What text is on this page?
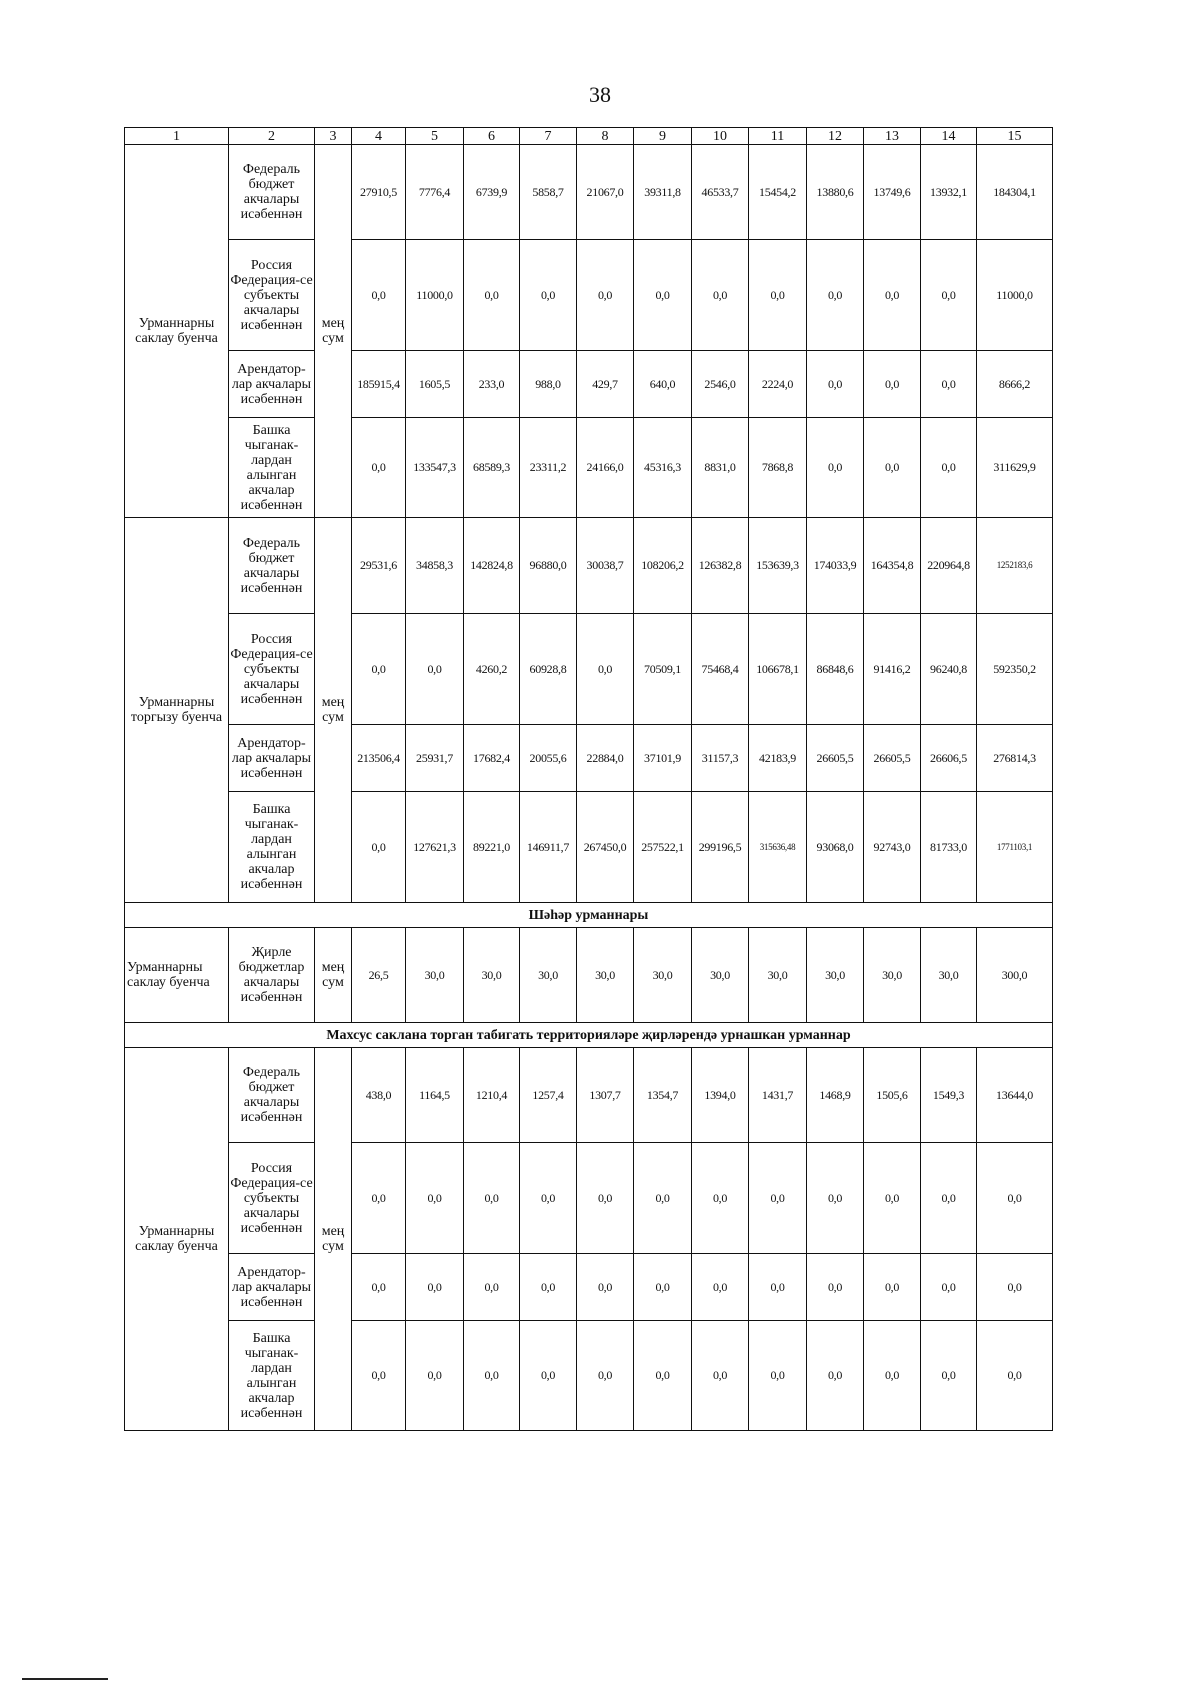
38
1	2	3	4	5	6	7	8	9	10	11	12	13	14	15
Урманнарны саклау буенча	Федераль бюджет акчалары исәбеннән	мең сум	27910,5	7776,4	6739,9	5858,7	21067,0	39311,8	46533,7	15454,2	13880,6	13749,6	13932,1	184304,1
	Россия Федерация-се субъекты акчалары исәбеннән		0,0	11000,0	0,0	0,0	0,0	0,0	0,0	0,0	0,0	0,0	0,0	11000,0
	Арендатор-лар акчалары исәбеннән		185915,4	1605,5	233,0	988,0	429,7	640,0	2546,0	2224,0	0,0	0,0	0,0	8666,2
	Башка чыганак-лардан алынган акчалар исәбеннән		0,0	133547,3	68589,3	23311,2	24166,0	45316,3	8831,0	7868,8	0,0	0,0	0,0	311629,9
Урманнарны торгызу буенча	Федераль бюджет акчалары исәбеннән	мең сум	29531,6	34858,3	142824,8	96880,0	30038,7	108206,2	126382,8	153639,3	174033,9	164354,8	220964,8	1252183,6
	Россия Федерация-се субъекты акчалары исәбеннән		0,0	0,0	4260,2	60928,8	0,0	70509,1	75468,4	106678,1	86848,6	91416,2	96240,8	592350,2
	Арендатор-лар акчалары исәбеннән		213506,4	25931,7	17682,4	20055,6	22884,0	37101,9	31157,3	42183,9	26605,5	26605,5	26606,5	276814,3
	Башка чыганак-лардан алынган акчалар исәбеннән		0,0	127621,3	89221,0	146911,7	267450,0	257522,1	299196,5	315636,48	93068,0	92743,0	81733,0	1771103,1
Шәһәр урманнары														
Урманнарны саклау буенча	Җирле бюджетлар акчалары исәбеннән	мең сум	26,5	30,0	30,0	30,0	30,0	30,0	30,0	30,0	30,0	30,0	30,0	300,0
Махсус саклана торган табигать территорияләре җирләрендә урнашкан урманнар														
Урманнарны саклау буенча	Федераль бюджет акчалары исәбеннән	мең сум	438,0	1164,5	1210,4	1257,4	1307,7	1354,7	1394,0	1431,7	1468,9	1505,6	1549,3	13644,0
	Россия Федерация-се субъекты акчалары исәбеннән		0,0	0,0	0,0	0,0	0,0	0,0	0,0	0,0	0,0	0,0	0,0	0,0
	Арендатор-лар акчалары исәбеннән		0,0	0,0	0,0	0,0	0,0	0,0	0,0	0,0	0,0	0,0	0,0	0,0
	Башка чыганак-лардан алынган акчалар исәбеннән		0,0	0,0	0,0	0,0	0,0	0,0	0,0	0,0	0,0	0,0	0,0	0,0
